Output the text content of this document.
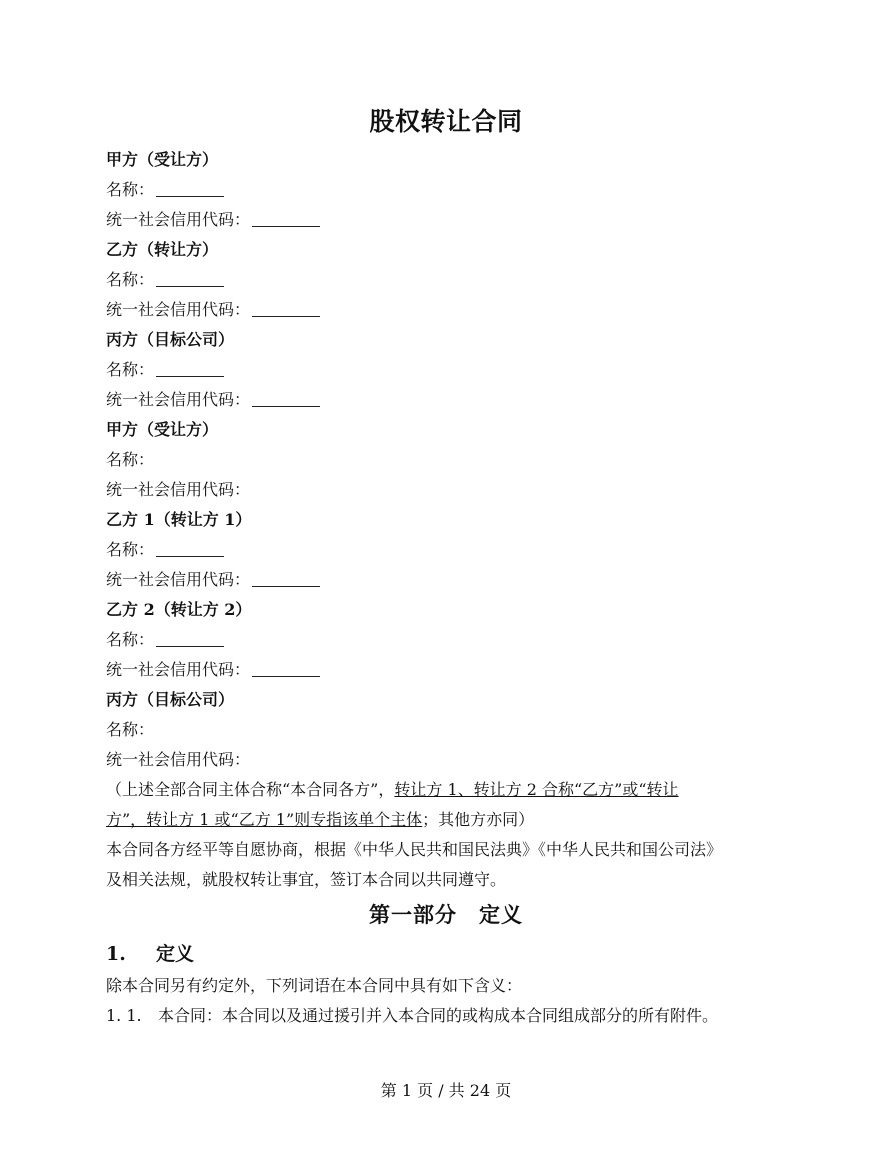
股权转让合同
甲方（受让方）
名称：
统一社会信用代码：
乙方（转让方）
名称：
统一社会信用代码：
丙方（目标公司）
名称：
统一社会信用代码：
甲方（受让方）
名称：
统一社会信用代码：
乙方 1（转让方 1）
名称：
统一社会信用代码：
乙方 2（转让方 2）
名称：
统一社会信用代码：
丙方（目标公司）
名称：
统一社会信用代码：
（上述全部合同主体合称“本合同各方”，转让方 1、转让方 2 合称“乙方”或“转让
方”，转让方 1 或“乙方 1”则专指该单个主体；其他方亦同）
本合同各方经平等自愿协商，根据《中华人民共和国民法典》《中华人民共和国公司法》
及相关法规，就股权转让事宜，签订本合同以共同遵守。
第一部分　定义
1. 定义
除本合同另有约定外，下列词语在本合同中具有如下含义：
1. 1. 本合同：本合同以及通过援引并入本合同的或构成本合同组成部分的所有附件。
第 1 页 / 共 24 页
